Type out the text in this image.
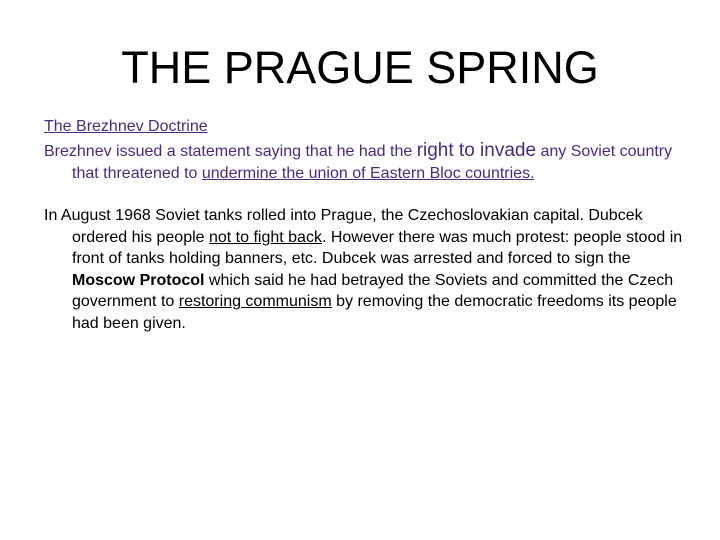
THE PRAGUE SPRING

The Brezhnev Doctrine

Brezhnev issued a statement saying that he had the right to invade any Soviet country that threatened to undermine the union of Eastern Bloc countries.

In August 1968 Soviet tanks rolled into Prague, the Czechoslovakian capital. Dubcek ordered his people not to fight back. However there was much protest: people stood in front of tanks holding banners, etc. Dubcek was arrested and forced to sign the Moscow Protocol which said he had betrayed the Soviets and committed the Czech government to restoring communism by removing the democratic freedoms its people had been given.
